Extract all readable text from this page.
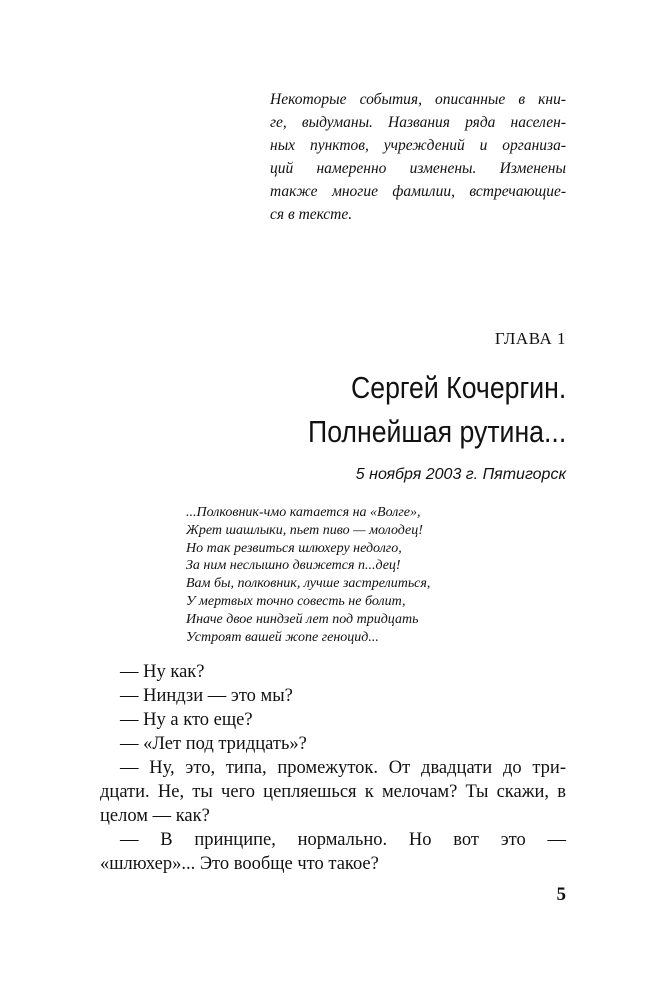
Некоторые события, описанные в кни-
ге, выдуманы. Названия ряда населен-
ных пунктов, учреждений и организа-
ций намеренно изменены. Изменены
также многие фамилии, встречающие-
ся в тексте.
ГЛАВА 1
Сергей Кочергин.
Полнейшая рутина...
5 ноября 2003 г. Пятигорск
...Полковник-чмо катается на «Волге»,
Жрет шашлыки, пьет пиво — молодец!
Но так резвиться шлюхеру недолго,
За ним неслышно движется п...дец!
Вам бы, полковник, лучше застрелиться,
У мертвых точно совесть не болит,
Иначе двое ниндзей лет под тридцать
Устроят вашей жопе геноцид...

— Ну как?

— Ниндзи — это мы?

— Ну а кто еще?

— «Лет под тридцать»?

— Ну, это, типа, промежуток. От двадцати до три-
дцати. Не, ты чего цепляешься к мелочам? Ты скажи, в
целом — как?

— В принципе, нормально. Но вот это —
«шлюхер»... Это вообще что такое?

5
